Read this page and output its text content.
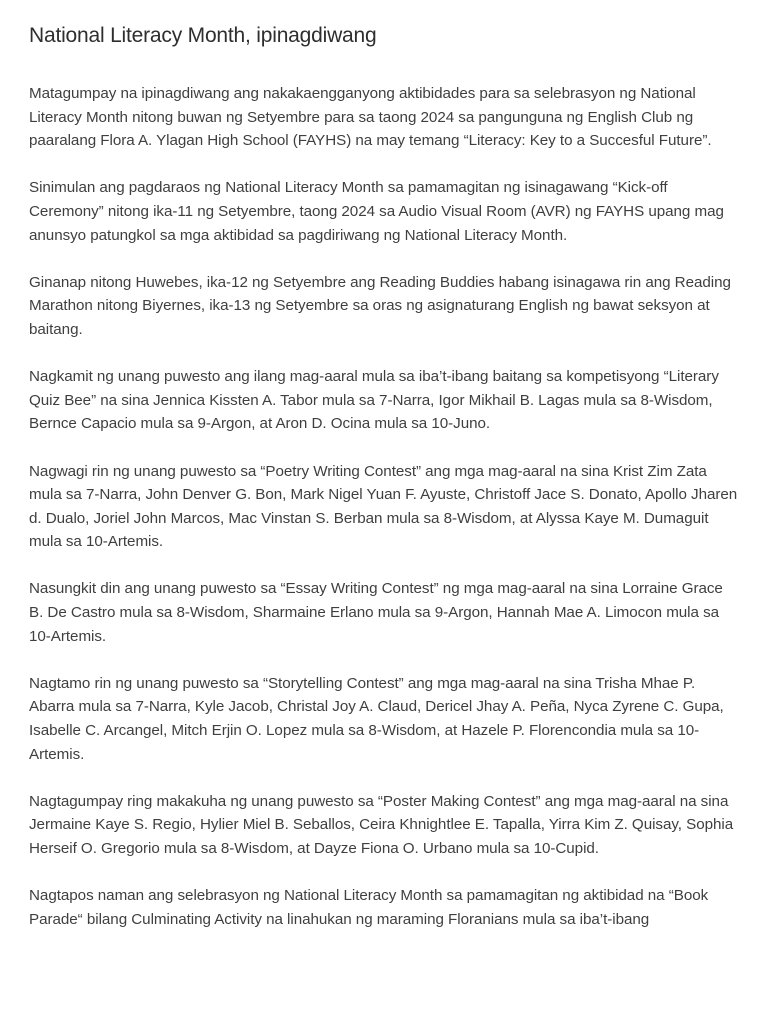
National Literacy Month, ipinagdiwang

Matagumpay na ipinagdiwang ang nakakaengganyong aktibidades para sa selebrasyon ng National Literacy Month nitong buwan ng Setyembre para sa taong 2024 sa pangunguna ng English Club ng paaralang Flora A. Ylagan High School (FAYHS) na may temang “Literacy: Key to a Succesful Future”.

Sinimulan ang pagdaraos ng National Literacy Month sa pamamagitan ng isinagawang “Kick-off Ceremony” nitong ika-11 ng Setyembre, taong 2024 sa Audio Visual Room (AVR) ng FAYHS upang mag anunsyo patungkol sa mga aktibidad sa pagdiriwang ng National Literacy Month.

Ginanap nitong Huwebes, ika-12 ng Setyembre ang Reading Buddies habang isinagawa rin ang Reading Marathon nitong Biyernes, ika-13 ng Setyembre sa oras ng asignaturang English ng bawat seksyon at baitang.

Nagkamit ng unang puwesto ang ilang mag-aaral mula sa iba’t-ibang baitang sa kompetisyong “Literary Quiz Bee” na sina Jennica Kissten A. Tabor mula sa 7-Narra, Igor Mikhail B. Lagas mula sa 8-Wisdom, Bernce Capacio mula sa 9-Argon, at Aron D. Ocina mula sa 10-Juno.

Nagwagi rin ng unang puwesto sa “Poetry Writing Contest” ang mga mag-aaral na sina Krist Zim Zata mula sa 7-Narra, John Denver G. Bon, Mark Nigel Yuan F. Ayuste, Christoff Jace S. Donato, Apollo Jharen d. Dualo, Joriel John Marcos, Mac Vinstan S. Berban mula sa 8-Wisdom, at Alyssa Kaye M. Dumaguit mula sa 10-Artemis.

Nasungkit din ang unang puwesto sa “Essay Writing Contest” ng mga mag-aaral na sina Lorraine Grace B. De Castro mula sa 8-Wisdom, Sharmaine Erlano mula sa 9-Argon, Hannah Mae A. Limocon mula sa 10-Artemis.

Nagtamo rin ng unang puwesto sa “Storytelling Contest” ang mga mag-aaral na sina Trisha Mhae P. Abarra mula sa 7-Narra, Kyle Jacob, Christal Joy A. Claud, Dericel Jhay A. Peña, Nyca Zyrene C. Gupa, Isabelle C. Arcangel, Mitch Erjin O. Lopez mula sa 8-Wisdom, at Hazele P. Florencondia mula sa 10-Artemis.

Nagtagumpay ring makakuha ng unang puwesto sa “Poster Making Contest” ang mga mag-aaral na sina Jermaine Kaye S. Regio, Hylier Miel B. Seballos, Ceira Khnightlee E. Tapalla, Yirra Kim Z. Quisay, Sophia Herseif O. Gregorio mula sa 8-Wisdom, at Dayze Fiona O. Urbano mula sa 10-Cupid.

Nagtapos naman ang selebrasyon ng National Literacy Month sa pamamagitan ng aktibidad na “Book Parade“ bilang Culminating Activity na linahukan ng maraming Floranians mula sa iba’t-ibang
